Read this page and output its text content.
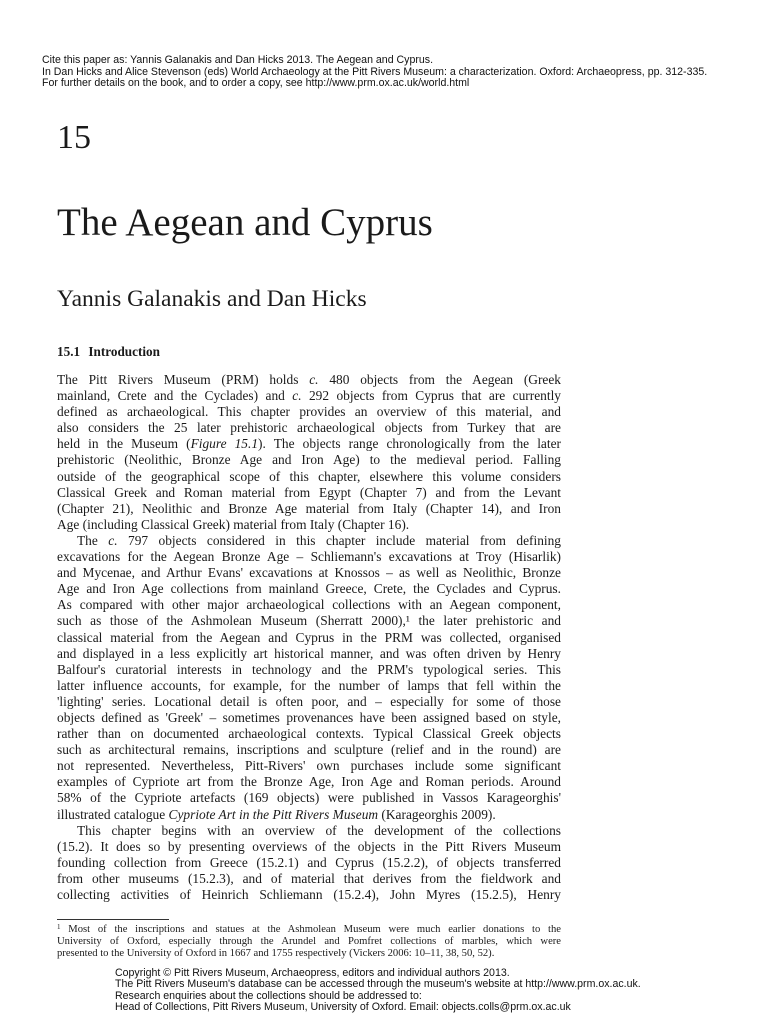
Cite this paper as: Yannis Galanakis and Dan Hicks 2013. The Aegean and Cyprus.
In Dan Hicks and Alice Stevenson (eds) World Archaeology at the Pitt Rivers Museum: a characterization. Oxford: Archaeopress, pp. 312-335.
For further details on the book, and to order a copy, see http://www.prm.ox.ac.uk/world.html
15
The Aegean and Cyprus
Yannis Galanakis and Dan Hicks
15.1 Introduction
The Pitt Rivers Museum (PRM) holds c. 480 objects from the Aegean (Greek
mainland, Crete and the Cyclades) and c. 292 objects from Cyprus that are currently
defined as archaeological. This chapter provides an overview of this material, and
also considers the 25 later prehistoric archaeological objects from Turkey that are
held in the Museum (Figure 15.1). The objects range chronologically from the later
prehistoric (Neolithic, Bronze Age and Iron Age) to the medieval period. Falling
outside of the geographical scope of this chapter, elsewhere this volume considers
Classical Greek and Roman material from Egypt (Chapter 7) and from the Levant
(Chapter 21), Neolithic and Bronze Age material from Italy (Chapter 14), and Iron
Age (including Classical Greek) material from Italy (Chapter 16).
The c. 797 objects considered in this chapter include material from defining
excavations for the Aegean Bronze Age – Schliemann's excavations at Troy (Hisarlik)
and Mycenae, and Arthur Evans' excavations at Knossos – as well as Neolithic, Bronze
Age and Iron Age collections from mainland Greece, Crete, the Cyclades and Cyprus.
As compared with other major archaeological collections with an Aegean component,
such as those of the Ashmolean Museum (Sherratt 2000),¹ the later prehistoric and
classical material from the Aegean and Cyprus in the PRM was collected, organised
and displayed in a less explicitly art historical manner, and was often driven by Henry
Balfour's curatorial interests in technology and the PRM's typological series. This
latter influence accounts, for example, for the number of lamps that fell within the
'lighting' series. Locational detail is often poor, and – especially for some of those
objects defined as 'Greek' – sometimes provenances have been assigned based on style,
rather than on documented archaeological contexts. Typical Classical Greek objects
such as architectural remains, inscriptions and sculpture (relief and in the round) are
not represented. Nevertheless, Pitt-Rivers' own purchases include some significant
examples of Cypriote art from the Bronze Age, Iron Age and Roman periods. Around
58% of the Cypriote artefacts (169 objects) were published in Vassos Karageorghis'
illustrated catalogue Cypriote Art in the Pitt Rivers Museum (Karageorghis 2009).
This chapter begins with an overview of the development of the collections
(15.2). It does so by presenting overviews of the objects in the Pitt Rivers Museum
founding collection from Greece (15.2.1) and Cyprus (15.2.2), of objects transferred
from other museums (15.2.3), and of material that derives from the fieldwork and
collecting activities of Heinrich Schliemann (15.2.4), John Myres (15.2.5), Henry
$^1$ Most of the inscriptions and statues at the Ashmolean Museum were much earlier donations to the
University of Oxford, especially through the Arundel and Pomfret collections of marbles, which were
presented to the University of Oxford in 1667 and 1755 respectively (Vickers 2006: 10–11, 38, 50, 52).
Copyright © Pitt Rivers Museum, Archaeopress, editors and individual authors 2013.
The Pitt Rivers Museum's database can be accessed through the museum's website at http://www.prm.ox.ac.uk.
Research enquiries about the collections should be addressed to:
Head of Collections, Pitt Rivers Museum, University of Oxford. Email: objects.colls@prm.ox.ac.uk
